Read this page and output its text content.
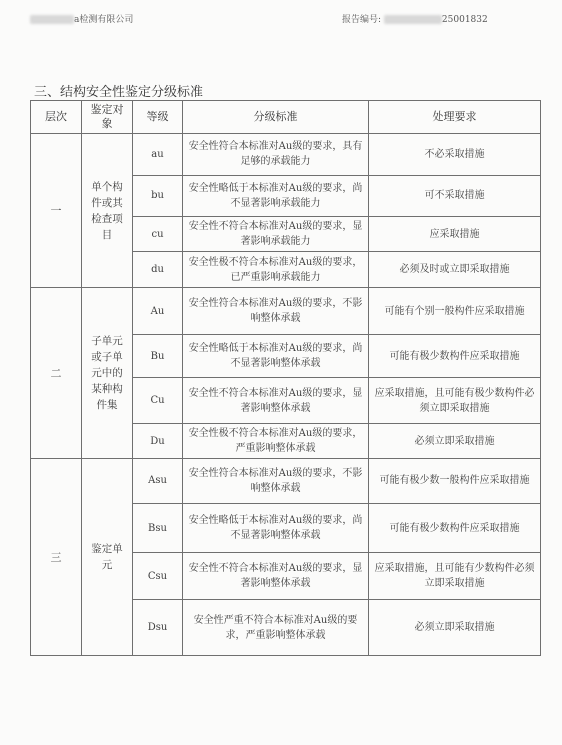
a检测有限公司	报告编号:	25001832
三、结构安全性鉴定分级标准
层次	鉴定对象	等级	分级标准	处理要求
一	单个构件或其检查项目	au	安全性符合本标准对Au级的要求，具有足够的承载能力	不必采取措施
		bu	安全性略低于本标准对Au级的要求，尚不显著影响承载能力	可不采取措施
		cu	安全性不符合本标准对Au级的要求，显著影响承载能力	应采取措施
		du	安全性极不符合本标准对Au级的要求，已严重影响承载能力	必须及时或立即采取措施
二	子单元或子单元中的某种构件集	Au	安全性符合本标准对Au级的要求，不影响整体承载	可能有个别一般构件应采取措施
		Bu	安全性略低于本标准对Au级的要求，尚不显著影响整体承载	可能有极少数构件应采取措施
		Cu	安全性不符合本标准对Au级的要求，显著影响整体承载	应采取措施，且可能有极少数构件必须立即采取措施
		Du	安全性极不符合本标准对Au级的要求，严重影响整体承载	必须立即采取措施
三	鉴定单元	Asu	安全性符合本标准对Au级的要求，不影响整体承载	可能有极少数一般构件应采取措施
		Bsu	安全性略低于本标准对Au级的要求，尚不显著影响整体承载	可能有极少数构件应采取措施
		Csu	安全性不符合本标准对Au级的要求，显著影响整体承载	应采取措施，且可能有少数构件必须立即采取措施
		Dsu	安全性严重不符合本标准对Au级的要求，严重影响整体承载	必须立即采取措施
